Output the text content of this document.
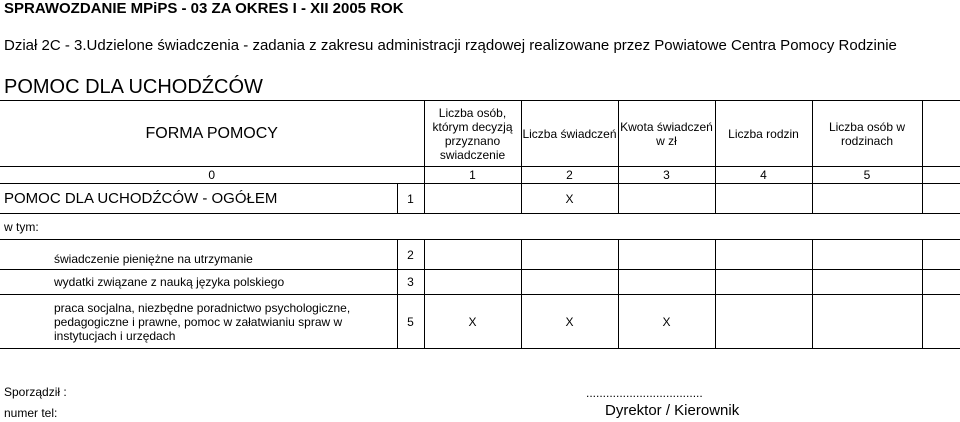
SPRAWOZDANIE MPiPS - 03 ZA OKRES I - XII 2005 ROK
Dział 2C - 3.Udzielone świadczenia - zadania z zakresu administracji rządowej realizowane przez Powiatowe Centra Pomocy Rodzinie
POMOC DLA UCHODŹCÓW
FORMA POMOCY		Liczba osób, którym decyzją przyznano swiadczenie	Liczba świadczeń	Kwota świadczeń w zł	Liczba rodzin	Liczba osób w rodzinach	
0		1	2	3	4	5	
POMOC DLA UCHODŹCÓW - OGÓŁEM	1		X				
w tym:							
świadczenie pieniężne na utrzymanie	2						
wydatki związane z nauką języka polskiego	3						
praca socjalna, niezbędne poradnictwo psychologiczne, pedagogiczne i prawne, pomoc w załatwianiu spraw w instytucjach i urzędach	5	X	X	X			
Sporządził :
numer tel:
...................................
Dyrektor / Kierownik
